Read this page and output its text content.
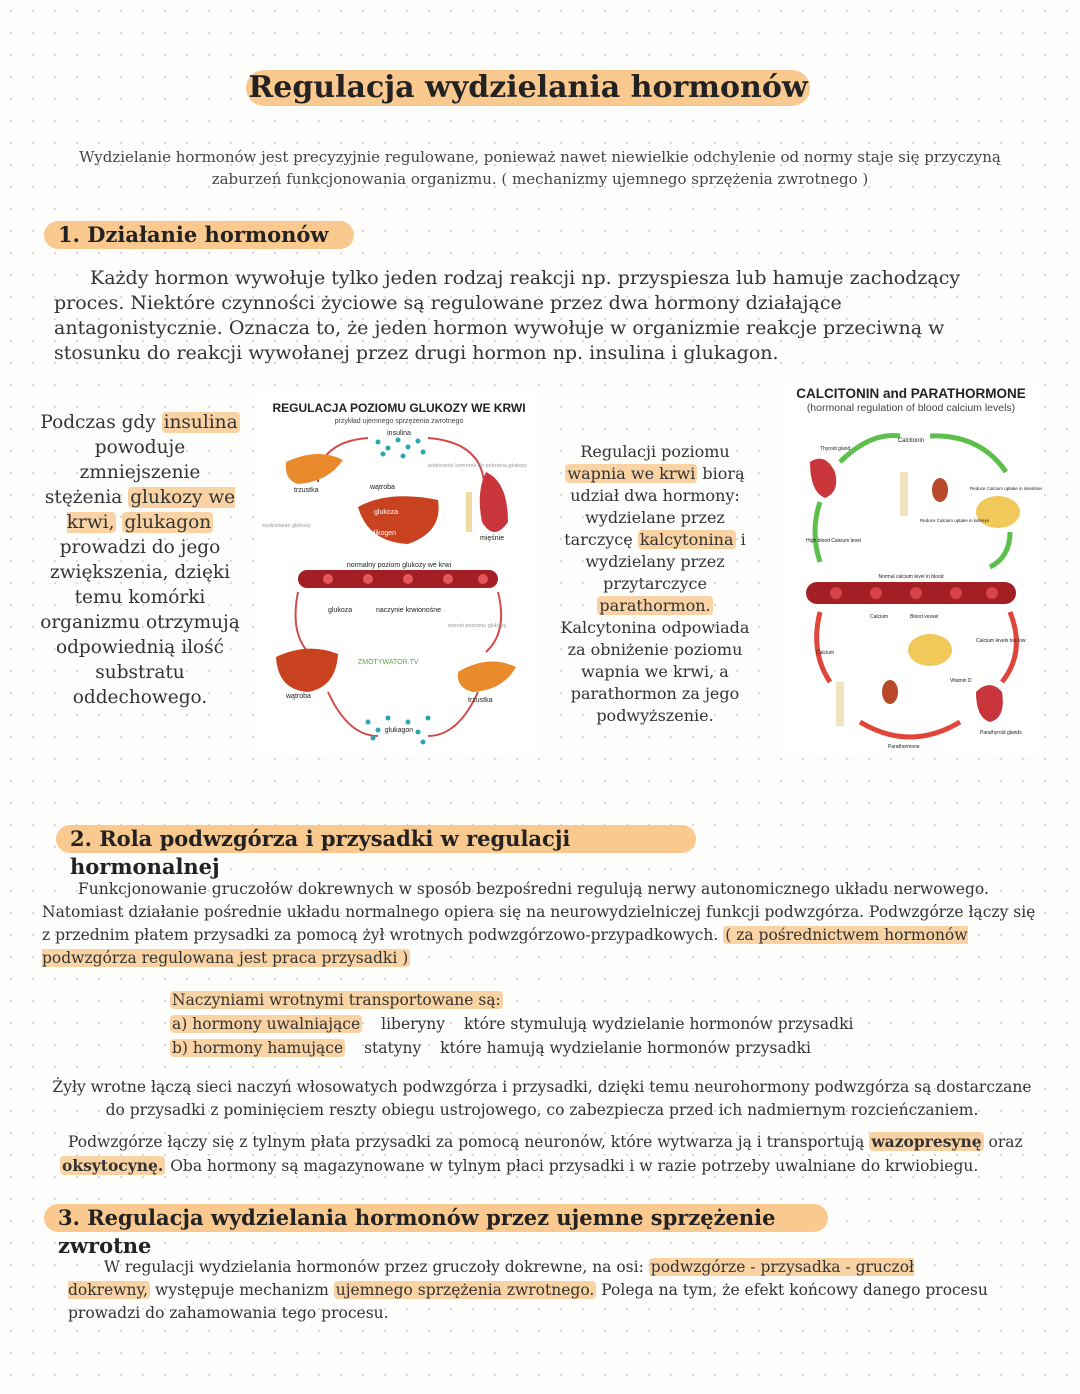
Regulacja wydzielania hormonów
Wydzielanie hormonów jest precyzyjnie regulowane, ponieważ nawet niewielkie odchylenie od normy staje się przyczyną zaburzeń funkcjonowania organizmu. ( mechanizmy ujemnego sprzężenia zwrotnego )
1. Działanie hormonów
Każdy hormon wywołuje tylko jeden rodzaj reakcji np. przyspiesza lub hamuje zachodzący proces. Niektóre czynności życiowe są regulowane przez dwa hormony działające antagonistycznie. Oznacza to, że jeden hormon wywołuje w organizmie reakcje przeciwną w stosunku do reakcji wywołanej przez drugi hormon np. insulina i glukagon.
Podczas gdy insulina powoduje zmniejszenie stężenia glukozy we krwi, glukagon prowadzi do jego zwiększenia, dzięki temu komórki organizmu otrzymują odpowiednią ilość substratu oddechowego.
REGULACJA POZIOMU GLUKOZY WE KRWI
przykład ujemnego sprzężenia zwrotnego
insulina
trzustka	wątroba
glukoza
glikogen
mięśnie
normalny poziom glukozy we krwi
glukoza	naczynie krwionośne
wątroba
trzustka
ZMOTYWATOR.TV
glukagon
pobieranie komórek do pobrania glukozy
wydzielanie glukozy
wzrost poziomu glukozy
Regulacji poziomu wapnia we krwi biorą udział dwa hormony: wydzielane przez tarczycę kalcytonina i wydzielany przez przytarczyce parathormon. Kalcytonina odpowiada za obniżenie poziomu wapnia we krwi, a parathormon za jego podwyższenie.
CALCITONIN and PARATHORMONE
(hormonal regulation of blood calcium levels)
Calcitonin
Thyroid gland
High blood Calcium level
Reduce Calcium uptake in intestines
Reduce Calcium uptake in kidneys
Normal calcium level in blood
Calcium	Blood vessel
Calcium levels too low
Calcium
Vitamin D
Parathyroid glands
Parathormone
2. Rola podwzgórza i przysadki w regulacji hormonalnej
Funkcjonowanie gruczołów dokrewnych w sposób bezpośredni regulują nerwy autonomicznego układu nerwowego. Natomiast działanie pośrednie układu normalnego opiera się na neurowydzielniczej funkcji podwzgórza. Podwzgórze łączy się z przednim płatem przysadki za pomocą żył wrotnych podwzgórzowo-przypadkowych. ( za pośrednictwem hormonów podwzgórza regulowana jest praca przysadki )
Naczyniami wrotnymi transportowane są:
a) hormony uwalniające liberyny które stymulują wydzielanie hormonów przysadki
b) hormony hamujące statyny które hamują wydzielanie hormonów przysadki
Żyły wrotne łączą sieci naczyń włosowatych podwzgórza i przysadki, dzięki temu neurohormony podwzgórza są dostarczane do przysadki z pominięciem reszty obiegu ustrojowego, co zabezpiecza przed ich nadmiernym rozcieńczaniem.
Podwzgórze łączy się z tylnym płata przysadki za pomocą neuronów, które wytwarza ją i transportują wazopresynę oraz oksytocynę. Oba hormony są magazynowane w tylnym płaci przysadki i w razie potrzeby uwalniane do krwiobiegu.
3. Regulacja wydzielania hormonów przez ujemne sprzężenie zwrotne
W regulacji wydzielania hormonów przez gruczoły dokrewne, na osi: podwzgórze - przysadka - gruczoł dokrewny, występuje mechanizm ujemnego sprzężenia zwrotnego. Polega na tym, że efekt końcowy danego procesu prowadzi do zahamowania tego procesu.
